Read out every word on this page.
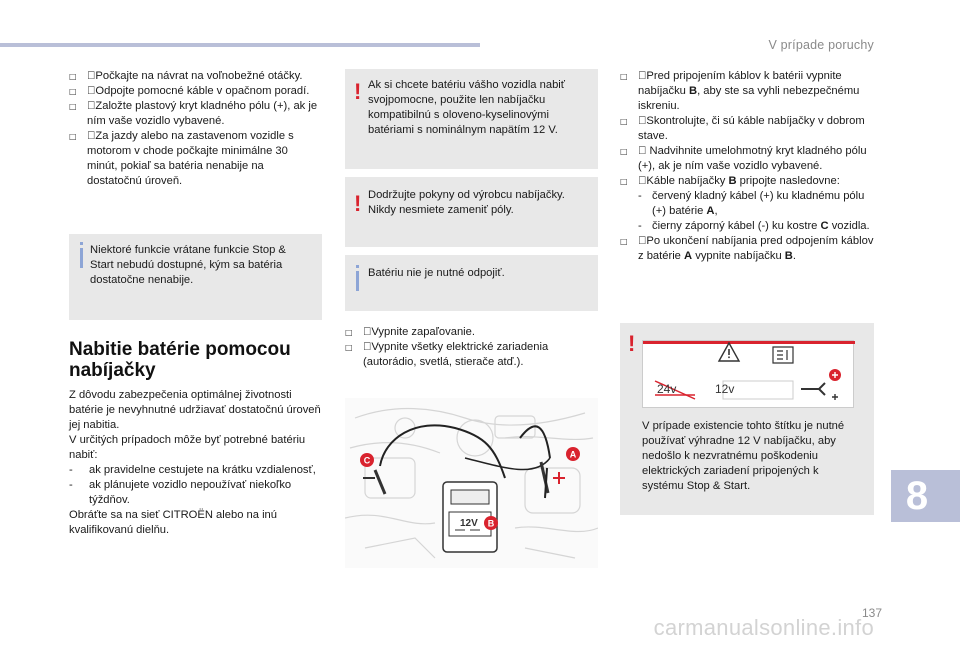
V prípade poruchy
□ Počkajte na návrat na voľnobežné otáčky.
□ Odpojte pomocné káble v opačnom poradí.
□ Založte plastový kryt kladného pólu (+), ak je ním vaše vozidlo vybavené.
□ Za jazdy alebo na zastavenom vozidle s motorom v chode počkajte minimálne 30 minút, pokiaľ sa batéria nenabije na dostatočnú úroveň.
Niektoré funkcie vrátane funkcie Stop & Start nebudú dostupné, kým sa batéria dostatočne nenabije.
Nabitie batérie pomocou nabíjačky

Z dôvodu zabezpečenia optimálnej životnosti batérie je nevyhnutné udržiavať dostatočnú úroveň jej nabitia.

V určitých prípadoch môže byť potrebné batériu nabiť:

-	ak pravidelne cestujete na krátku vzdialenosť,
-	ak plánujete vozidlo nepoužívať niekoľko týždňov.

Obráťte sa na sieť CITROËN alebo na inú kvalifikovanú dielňu.

! Ak si chcete batériu vášho vozidla nabiť svojpomocne, použite len nabíjačku kompatibilnú s oloveno-kyselinovými batériami s nominálnym napätím 12 V.
! Dodržujte pokyny od výrobcu nabíjačky. Nikdy nesmiete zameniť póly.
Batériu nie je nutné odpojiť.
□ Vypnite zapaľovanie.
□ Vypnite všetky elektrické zariadenia (autorádio, svetlá, stierače atď.).
A
B
C
12V
□ Pred pripojením káblov k batérii vypnite nabíjačku B, aby ste sa vyhli nebezpečnému iskreniu.
□ Skontrolujte, či sú káble nabíjačky v dobrom stave.
□ Nadvihnite umelohmotný kryt kladného pólu (+), ak je ním vaše vozidlo vybavené.
□ Káble nabíjačky B pripojte nasledovne:
- červený kladný kábel (+) ku kladnému pólu (+) batérie A,
- čierny záporný kábel (-) ku kostre C vozidla.
□ Po ukončení nabíjania pred odpojením káblov z batérie A vypnite nabíjačku B.
!
V prípade existencie tohto štítku je nutné používať výhradne 12 V nabíjačku, aby nedošlo k nezvratnému poškodeniu elektrických zariadení pripojených k systému Stop & Start.
24v	12v
8
137
carmanualsonline.info
